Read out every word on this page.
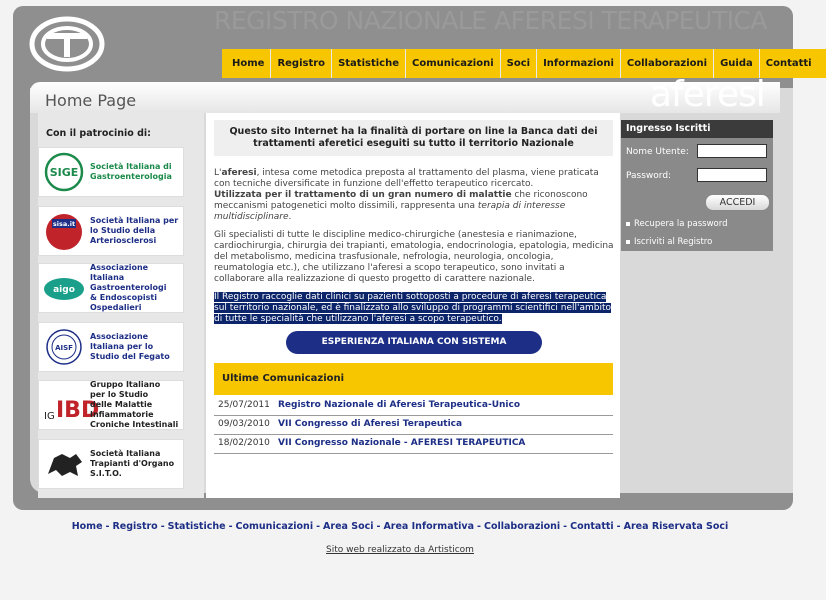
REGISTRO NAZIONALE AFERESI TERAPEUTICA
Home	Registro	Statistiche	Comunicazioni	Soci	Informazioni	Collaborazioni	Guida	Contatti
Home Page	aferesi
Con il patrocinio di:
SIGE Società Italiana di
Gastroenterologia
sisa.it Società Italiana per
lo Studio della
Arteriosclerosi
aigo
Associazione
Italiana
Gastroenterologi
& Endoscopisti
Ospedalieri
AISF
Associazione
Italiana per lo
Studio del Fegato
IG IBD
Gruppo Italiano
per lo Studio
delle Malattie
Infiammatorie
Croniche Intestinali
Società Italiana
Trapianti d'Organo
S.I.T.O.
Questo sito Internet ha la finalità di portare on line la Banca dati dei trattamenti aferetici eseguiti su tutto il territorio Nazionale
L'aferesi, intesa come metodica preposta al trattamento del plasma, viene praticata con tecniche diversificate in funzione dell'effetto terapeutico ricercato.
Utilizzata per il trattamento di un gran numero di malattie che riconoscono meccanismi patogenetici molto dissimili, rappresenta una terapia di interesse multidisciplinare.
Gli specialisti di tutte le discipline medico-chirurgiche (anestesia e rianimazione, cardiochirurgia, chirurgia dei trapianti, ematologia, endocrinologia, epatologia, medicina del metabolismo, medicina trasfusionale, nefrologia, neurologia, oncologia, reumatologia etc.), che utilizzano l'aferesi a scopo terapeutico, sono invitati a collaborare alla realizzazione di questo progetto di carattere nazionale.
Il Registro raccoglie dati clinici su pazienti sottoposti a procedure di aferesi terapeutica sul territorio nazionale, ed è finalizzato allo sviluppo di programmi scientifici nell'ambito di tutte le specialità che utilizzano l'aferesi a scopo terapeutico.
ESPERIENZA ITALIANA CON SISTEMA
Ultime Comunicazioni
25/07/2011 Registro Nazionale di Aferesi Terapeutica-Unico
09/03/2010 VII Congresso di Aferesi Terapeutica
18/02/2010 VII Congresso Nazionale - AFERESI TERAPEUTICA
Ingresso Iscritti
Nome Utente:
Password:
ACCEDI
Recupera la password
Iscriviti al Registro
Home - Registro - Statistiche - Comunicazioni - Area Soci - Area Informativa - Collaborazioni - Contatti - Area Riservata Soci
Sito web realizzato da Artisticom
